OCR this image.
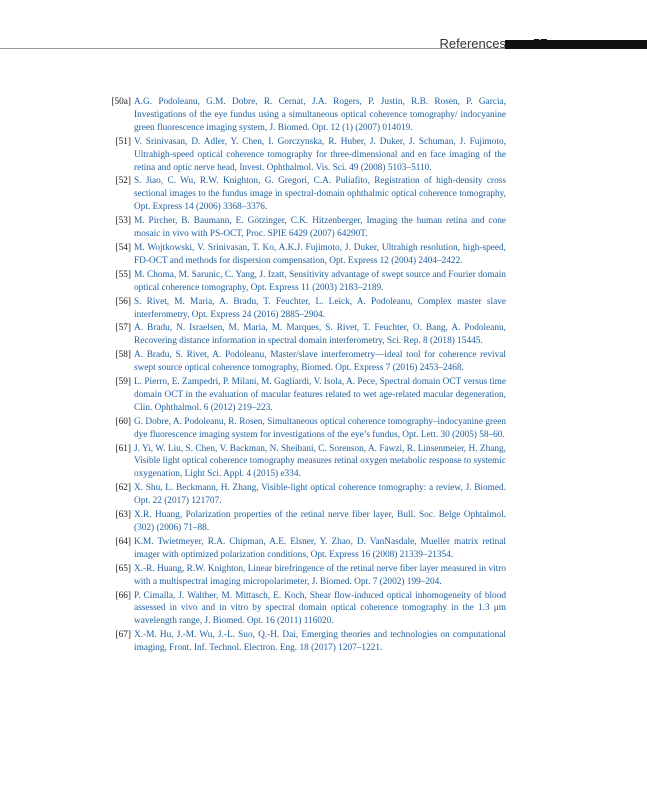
References 57
[50a] A.G. Podoleanu, G.M. Dobre, R. Cernat, J.A. Rogers, P. Justin, R.B. Rosen, P. Garcia, Investigations of the eye fundus using a simultaneous optical coherence tomography/ indocyanine green fluorescence imaging system, J. Biomed. Opt. 12 (1) (2007) 014019.
[51] V. Srinivasan, D. Adler, Y. Chen, I. Gorczynska, R. Huber, J. Duker, J. Schuman, J. Fujimoto, Ultrahigh-speed optical coherence tomography for three-dimensional and en face imaging of the retina and optic nerve head, Invest. Ophthalmol. Vis. Sci. 49 (2008) 5103–5110.
[52] S. Jiao, C. Wu, R.W. Knighton, G. Gregori, C.A. Puliafito, Registration of high-density cross sectional images to the fundus image in spectral-domain ophthalmic optical coherence tomography, Opt. Express 14 (2006) 3368–3376.
[53] M. Pircher, B. Baumann, E. Götzinger, C.K. Hitzenberger, Imaging the human retina and cone mosaic in vivo with PS-OCT, Proc. SPIE 6429 (2007) 64290T.
[54] M. Wojtkowski, V. Srinivasan, T. Ko, A.K.J. Fujimoto, J. Duker, Ultrahigh resolution, high-speed, FD-OCT and methods for dispersion compensation, Opt. Express 12 (2004) 2404–2422.
[55] M. Choma, M. Sarunic, C. Yang, J. Izatt, Sensitivity advantage of swept source and Fourier domain optical coherence tomography, Opt. Express 11 (2003) 2183–2189.
[56] S. Rivet, M. Maria, A. Bradu, T. Feuchter, L. Leick, A. Podoleanu, Complex master slave interferometry, Opt. Express 24 (2016) 2885–2904.
[57] A. Bradu, N. Israelsen, M. Maria, M. Marques, S. Rivet, T. Feuchter, O. Bang, A. Podoleanu, Recovering distance information in spectral domain interferometry, Sci. Rep. 8 (2018) 15445.
[58] A. Bradu, S. Rivet, A. Podoleanu, Master/slave interferometry—ideal tool for coherence revival swept source optical coherence tomography, Biomed. Opt. Express 7 (2016) 2453–2468.
[59] L. Pierro, E. Zampedri, P. Milani, M. Gagliardi, V. Isola, A. Pece, Spectral domain OCT versus time domain OCT in the evaluation of macular features related to wet age-related macular degeneration, Clin. Ophthalmol. 6 (2012) 219–223.
[60] G. Dobre, A. Podoleanu, R. Rosen, Simultaneous optical coherence tomography–indocyanine green dye fluorescence imaging system for investigations of the eye’s fundus, Opt. Lett. 30 (2005) 58–60.
[61] J. Yi, W. Liu, S. Chen, V. Backman, N. Sheibani, C. Sorenson, A. Fawzi, R. Linsenmeier, H. Zhang, Visible light optical coherence tomography measures retinal oxygen metabolic response to systemic oxygenation, Light Sci. Appl. 4 (2015) e334.
[62] X. Shu, L. Beckmann, H. Zhang, Visible-light optical coherence tomography: a review, J. Biomed. Opt. 22 (2017) 121707.
[63] X.R. Huang, Polarization properties of the retinal nerve fiber layer, Bull. Soc. Belge Ophtalmol. (302) (2006) 71–88.
[64] K.M. Twietmeyer, R.A. Chipman, A.E. Elsner, Y. Zhao, D. VanNasdale, Mueller matrix retinal imager with optimized polarization conditions, Opt. Express 16 (2008) 21339–21354.
[65] X.-R. Huang, R.W. Knighton, Linear birefringence of the retinal nerve fiber layer measured in vitro with a multispectral imaging micropolarimeter, J. Biomed. Opt. 7 (2002) 199–204.
[66] P. Cimalla, J. Walther, M. Mittasch, E. Koch, Shear flow-induced optical inhomogeneity of blood assessed in vivo and in vitro by spectral domain optical coherence tomography in the 1.3 μm wavelength range, J. Biomed. Opt. 16 (2011) 116020.
[67] X.-M. Hu, J.-M. Wu, J.-L. Suo, Q.-H. Dai, Emerging theories and technologies on computational imaging, Front. Inf. Technol. Electron. Eng. 18 (2017) 1207–1221.
